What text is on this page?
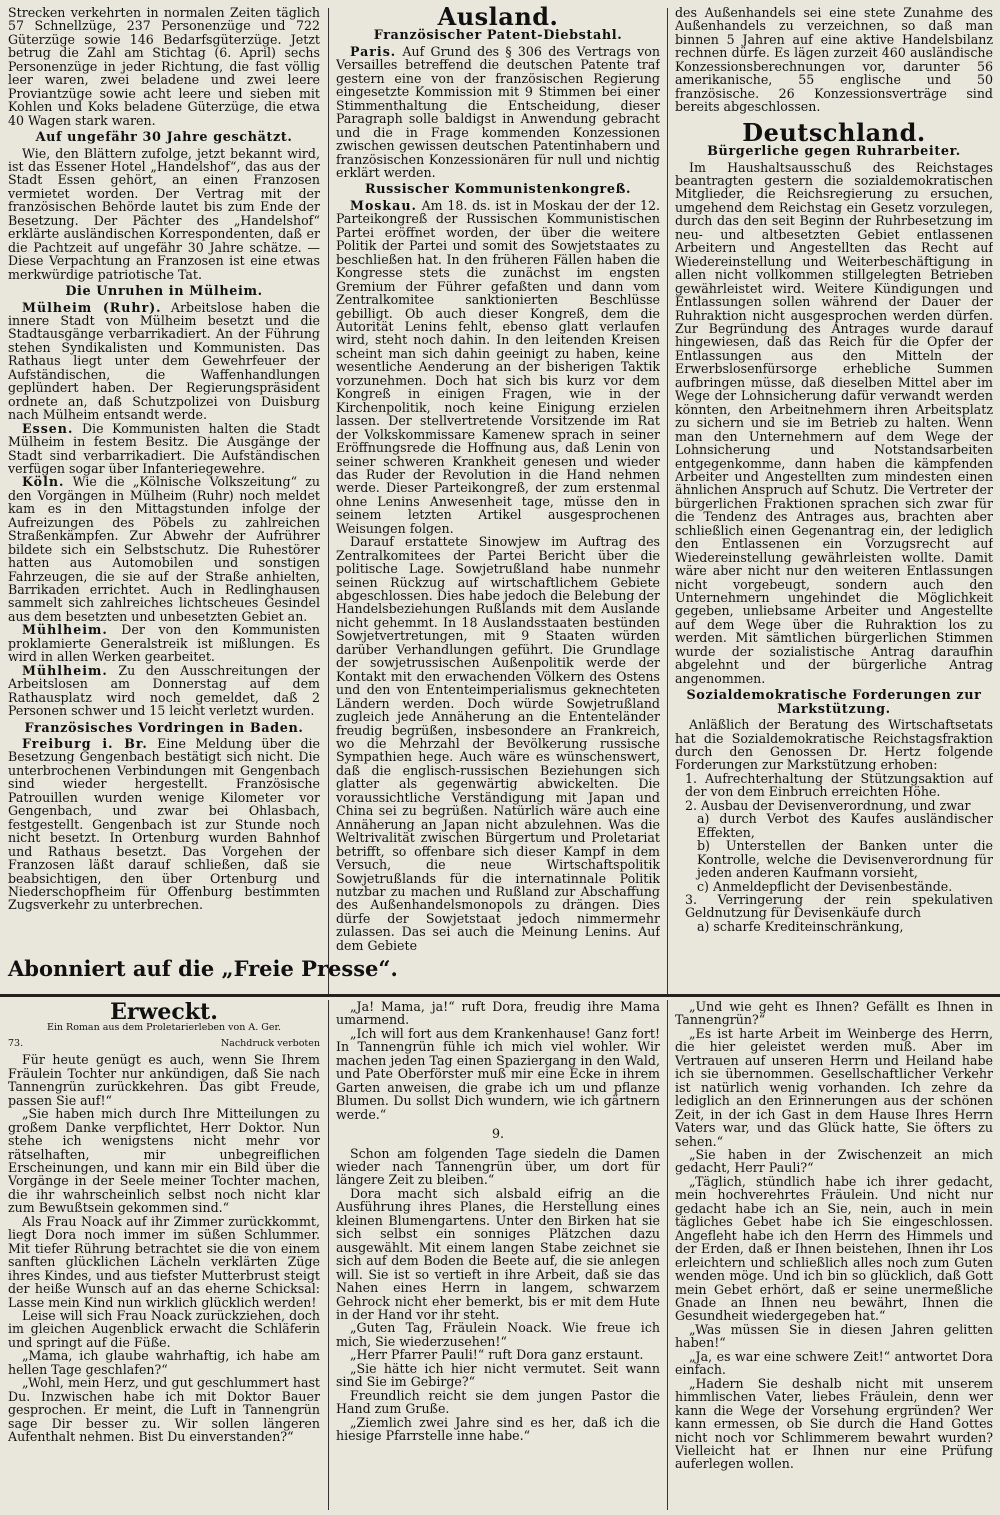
Strecken verkehrten in normalen Zeiten täglich 57 Schnellzüge, 237 Personenzüge und 722 Güterzüge sowie 146 Bedarfsgüterzüge. Jetzt betrug die Zahl am Stichtag (6. April) sechs Personenzüge in jeder Richtung, die fast völlig leer waren, zwei beladene und zwei leere Proviantzüge sowie acht leere und sieben mit Kohlen und Koks beladene Güterzüge, die etwa 40 Wagen stark waren.

Auf ungefähr 30 Jahre geschätzt.

Wie, den Blättern zufolge, jetzt bekannt wird, ist das Essener Hotel „Handelshof“, das aus der Stadt Essen gehört, an einen Franzosen vermietet worden. Der Vertrag mit der französischen Behörde lautet bis zum Ende der Besetzung. Der Pächter des „Handelshof“ erklärte ausländischen Korrespondenten, daß er die Pachtzeit auf ungefähr 30 Jahre schätze. — Diese Verpachtung an Franzosen ist eine etwas merkwürdige patriotische Tat.

Die Unruhen in Mülheim.

Mülheim (Ruhr). Arbeitslose haben die innere Stadt von Mülheim besetzt und die Stadtausgänge verbarrikadiert. An der Führung stehen Syndikalisten und Kommunisten. Das Rathaus liegt unter dem Gewehrfeuer der Aufständischen, die Waffenhandlungen geplündert haben. Der Regierungspräsident ordnete an, daß Schutzpolizei von Duisburg nach Mülheim entsandt werde.

Essen. Die Kommunisten halten die Stadt Mülheim in festem Besitz. Die Ausgänge der Stadt sind verbarrikadiert. Die Aufständischen verfügen sogar über Infanteriegewehre.

Köln. Wie die „Kölnische Volkszeitung“ zu den Vorgängen in Mülheim (Ruhr) noch meldet kam es in den Mittagstunden infolge der Aufreizungen des Pöbels zu zahlreichen Straßenkämpfen. Zur Abwehr der Aufrührer bildete sich ein Selbstschutz. Die Ruhestörer hatten aus Automobilen und sonstigen Fahrzeugen, die sie auf der Straße anhielten, Barrikaden errichtet. Auch in Redlinghausen sammelt sich zahlreiches lichtscheues Gesindel aus dem besetzten und unbesetzten Gebiet an.

Mühlheim. Der von den Kommunisten proklamierte Generalstreik ist mißlungen. Es wird in allen Werken gearbeitet.

Mühlheim. Zu den Ausschreitungen der Arbeitslosen am Donnerstag auf dem Rathausplatz wird noch gemeldet, daß 2 Personen schwer und 15 leicht verletzt wurden.

Französisches Vordringen in Baden.

Freiburg i. Br. Eine Meldung über die Besetzung Gengenbach bestätigt sich nicht. Die unterbrochenen Verbindungen mit Gengenbach sind wieder hergestellt. Französische Patrouillen wurden wenige Kilometer vor Gengenbach, und zwar bei Ohlasbach, festgestellt. Gengenbach ist zur Stunde noch nicht besetzt. In Ortenburg wurden Bahnhof und Rathaus besetzt. Das Vorgehen der Franzosen läßt darauf schließen, daß sie beabsichtigen, den über Ortenburg und Niederschopfheim für Offenburg bestimmten Zugsverkehr zu unterbrechen.

Ausland.
Französischer Patent-Diebstahl.

Paris. Auf Grund des § 306 des Vertrags von Versailles betreffend die deutschen Patente traf gestern eine von der französischen Regierung eingesetzte Kommission mit 9 Stimmen bei einer Stimmenthaltung die Entscheidung, dieser Paragraph solle baldigst in Anwendung gebracht und die in Frage kommenden Konzessionen zwischen gewissen deutschen Patentinhabern und französischen Konzessionären für null und nichtig erklärt werden.

Russischer Kommunistenkongreß.

Moskau. Am 18. ds. ist in Moskau der der 12. Parteikongreß der Russischen Kommunistischen Partei eröffnet worden, der über die weitere Politik der Partei und somit des Sowjetstaates zu beschließen hat. In den früheren Fällen haben die Kongresse stets die zunächst im engsten Gremium der Führer gefaßten und dann vom Zentralkomitee sanktionierten Beschlüsse gebilligt. Ob auch dieser Kongreß, dem die Autorität Lenins fehlt, ebenso glatt verlaufen wird, steht noch dahin. In den leitenden Kreisen scheint man sich dahin geeinigt zu haben, keine wesentliche Aenderung an der bisherigen Taktik vorzunehmen. Doch hat sich bis kurz vor dem Kongreß in einigen Fragen, wie in der Kirchenpolitik, noch keine Einigung erzielen lassen. Der stellvertretende Vorsitzende im Rat der Volkskommissare Kamenew sprach in seiner Eröffnungsrede die Hoffnung aus, daß Lenin von seiner schweren Krankheit genesen und wieder das Ruder der Revolution in die Hand nehmen werde. Dieser Parteikongreß, der zum erstenmal ohne Lenins Anwesenheit tage, müsse den in seinem letzten Artikel ausgesprochenen Weisungen folgen.

Darauf erstattete Sinowjew im Auftrag des Zentralkomitees der Partei Bericht über die politische Lage. Sowjetrußland habe nunmehr seinen Rückzug auf wirtschaftlichem Gebiete abgeschlossen. Dies habe jedoch die Belebung der Handelsbeziehungen Rußlands mit dem Auslande nicht gehemmt. In 18 Auslandsstaaten bestünden Sowjetvertretungen, mit 9 Staaten würden darüber Verhandlungen geführt. Die Grundlage der sowjetrussischen Außenpolitik werde der Kontakt mit den erwachenden Völkern des Ostens und den von Ententeimperialismus geknechteten Ländern werden. Doch würde Sowjetrußland zugleich jede Annäherung an die Ententeländer freudig begrüßen, insbesondere an Frankreich, wo die Mehrzahl der Bevölkerung russische Sympathien hege. Auch wäre es wünschenswert, daß die englisch-russischen Beziehungen sich glatter als gegenwärtig abwickelten. Die voraussichtliche Verständigung mit Japan und China sei zu begrüßen. Natürlich wäre auch eine Annäherung an Japan nicht abzulehnen. Was die Weltrivalität zwischen Bürgertum und Proletariat betrifft, so offenbare sich dieser Kampf in dem Versuch, die neue Wirtschaftspolitik Sowjetrußlands für die internatinnale Politik nutzbar zu machen und Rußland zur Abschaffung des Außenhandelsmonopols zu drängen. Dies dürfe der Sowjetstaat jedoch nimmermehr zulassen. Das sei auch die Meinung Lenins. Auf dem Gebiete

des Außenhandels sei eine stete Zunahme des Außenhandels zu verzeichnen, so daß man binnen 5 Jahren auf eine aktive Handelsbilanz rechnen dürfe. Es lägen zurzeit 460 ausländische Konzessionsberechnungen vor, darunter 56 amerikanische, 55 englische und 50 französische. 26 Konzessionsverträge sind bereits abgeschlossen.

Deutschland.
Bürgerliche gegen Ruhrarbeiter.

Im Haushaltsausschuß des Reichstages beantragten gestern die sozialdemokratischen Mitglieder, die Reichsregierung zu ersuchen, umgehend dem Reichstag ein Gesetz vorzulegen, durch das den seit Beginn der Ruhrbesetzung im neu- und altbesetzten Gebiet entlassenen Arbeitern und Angestellten das Recht auf Wiedereinstellung und Weiterbeschäftigung in allen nicht vollkommen stillgelegten Betrieben gewährleistet wird. Weitere Kündigungen und Entlassungen sollen während der Dauer der Ruhraktion nicht ausgesprochen werden dürfen. Zur Begründung des Antrages wurde darauf hingewiesen, daß das Reich für die Opfer der Entlassungen aus den Mitteln der Erwerbslosenfürsorge erhebliche Summen aufbringen müsse, daß dieselben Mittel aber im Wege der Lohnsicherung dafür verwandt werden könnten, den Arbeitnehmern ihren Arbeitsplatz zu sichern und sie im Betrieb zu halten. Wenn man den Unternehmern auf dem Wege der Lohnsicherung und Notstandsarbeiten entgegenkomme, dann haben die kämpfenden Arbeiter und Angestellten zum mindesten einen ähnlichen Anspruch auf Schutz. Die Vertreter der bürgerlichen Fraktionen sprachen sich zwar für die Tendenz des Antrages aus, brachten aber schließlich einen Gegenantrag ein, der lediglich den Entlassenen ein Vorzugsrecht auf Wiedereinstellung gewährleisten wollte. Damit wäre aber nicht nur den weiteren Entlassungen nicht vorgebeugt, sondern auch den Unternehmern ungehindet die Möglichkeit gegeben, unliebsame Arbeiter und Angestellte auf dem Wege über die Ruhraktion los zu werden. Mit sämtlichen bürgerlichen Stimmen wurde der sozialistische Antrag daraufhin abgelehnt und der bürgerliche Antrag angenommen.

Sozialdemokratische Forderungen zur Markstützung.

Anläßlich der Beratung des Wirtschaftsetats hat die Sozialdemokratische Reichstagsfraktion durch den Genossen Dr. Hertz folgende Forderungen zur Markstützung erhoben:

1. Aufrechterhaltung der Stützungsaktion auf der von dem Einbruch erreichten Höhe.
2. Ausbau der Devisenverordnung, und zwar
a) durch Verbot des Kaufes ausländischer Effekten,
b) Unterstellen der Banken unter die Kontrolle, welche die Devisenverordnung für jeden anderen Kaufmann vorsieht,
c) Anmeldepflicht der Devisenbestände.
3. Verringerung der rein spekulativen Geldnutzung für Devisenkäufe durch
a) scharfe Krediteinschränkung,
Abonniert auf die „Freie Presse“.
Erweckt.
Ein Roman aus dem Proletarierleben von A. Ger.
73.	Nachdruck verboten

Für heute genügt es auch, wenn Sie Ihrem Fräulein Tochter nur ankündigen, daß Sie nach Tannengrün zurückkehren. Das gibt Freude, passen Sie auf!“

„Sie haben mich durch Ihre Mitteilungen zu großem Danke verpflichtet, Herr Doktor. Nun stehe ich wenigstens nicht mehr vor rätselhaften, mir unbegreiflichen Erscheinungen, und kann mir ein Bild über die Vorgänge in der Seele meiner Tochter machen, die ihr wahrscheinlich selbst noch nicht klar zum Bewußtsein gekommen sind.“

Als Frau Noack auf ihr Zimmer zurückkommt, liegt Dora noch immer im süßen Schlummer. Mit tiefer Rührung betrachtet sie die von einem sanften glücklichen Lächeln verklärten Züge ihres Kindes, und aus tiefster Mutterbrust steigt der heiße Wunsch auf an das eherne Schicksal: Lasse mein Kind nun wirklich glücklich werden!

Leise will sich Frau Noack zurückziehen, doch im gleichen Augenblick erwacht die Schläferin und springt auf die Füße.

„Mama, ich glaube wahrhaftig, ich habe am hellen Tage geschlafen?“

„Wohl, mein Herz, und gut geschlummert hast Du. Inzwischen habe ich mit Doktor Bauer gesprochen. Er meint, die Luft in Tannengrün sage Dir besser zu. Wir sollen längeren Aufenthalt nehmen. Bist Du einverstanden?“

„Ja! Mama, ja!“ ruft Dora, freudig ihre Mama umarmend.

„Ich will fort aus dem Krankenhause! Ganz fort! In Tannengrün fühle ich mich viel wohler. Wir machen jeden Tag einen Spaziergang in den Wald, und Pate Oberförster muß mir eine Ecke in ihrem Garten anweisen, die grabe ich um und pflanze Blumen. Du sollst Dich wundern, wie ich gärtnern werde.“

9.

Schon am folgenden Tage siedeln die Damen wieder nach Tannengrün über, um dort für längere Zeit zu bleiben.“

Dora macht sich alsbald eifrig an die Ausführung ihres Planes, die Herstellung eines kleinen Blumengartens. Unter den Birken hat sie sich selbst ein sonniges Plätzchen dazu ausgewählt. Mit einem langen Stabe zeichnet sie sich auf dem Boden die Beete auf, die sie anlegen will. Sie ist so vertieft in ihre Arbeit, daß sie das Nahen eines Herrn in langem, schwarzem Gehrock nicht eher bemerkt, bis er mit dem Hute in der Hand vor ihr steht.

„Guten Tag, Fräulein Noack. Wie freue ich mich, Sie wiederzusehen!“

„Herr Pfarrer Pauli!“ ruft Dora ganz erstaunt.

„Sie hätte ich hier nicht vermutet. Seit wann sind Sie im Gebirge?“

Freundlich reicht sie dem jungen Pastor die Hand zum Gruße.

„Ziemlich zwei Jahre sind es her, daß ich die hiesige Pfarrstelle inne habe.“

„Und wie geht es Ihnen? Gefällt es Ihnen in Tannengrün?“

„Es ist harte Arbeit im Weinberge des Herrn, die hier geleistet werden muß. Aber im Vertrauen auf unseren Herrn und Heiland habe ich sie übernommen. Gesellschaftlicher Verkehr ist natürlich wenig vorhanden. Ich zehre da lediglich an den Erinnerungen aus der schönen Zeit, in der ich Gast in dem Hause Ihres Herrn Vaters war, und das Glück hatte, Sie öfters zu sehen.“

„Sie haben in der Zwischenzeit an mich gedacht, Herr Pauli?“

„Täglich, stündlich habe ich ihrer gedacht, mein hochverehrtes Fräulein. Und nicht nur gedacht habe ich an Sie, nein, auch in mein tägliches Gebet habe ich Sie eingeschlossen. Angefleht habe ich den Herrn des Himmels und der Erden, daß er Ihnen beistehen, Ihnen ihr Los erleichtern und schließlich alles noch zum Guten wenden möge. Und ich bin so glücklich, daß Gott mein Gebet erhört, daß er seine unermeßliche Gnade an Ihnen neu bewährt, Ihnen die Gesundheit wiedergegeben hat.“

„Was müssen Sie in diesen Jahren gelitten haben!“

„Ja, es war eine schwere Zeit!“ antwortet Dora einfach.

„Hadern Sie deshalb nicht mit unserem himmlischen Vater, liebes Fräulein, denn wer kann die Wege der Vorsehung ergründen? Wer kann ermessen, ob Sie durch die Hand Gottes nicht noch vor Schlimmerem bewahrt wurden? Vielleicht hat er Ihnen nur eine Prüfung auferlegen wollen.
